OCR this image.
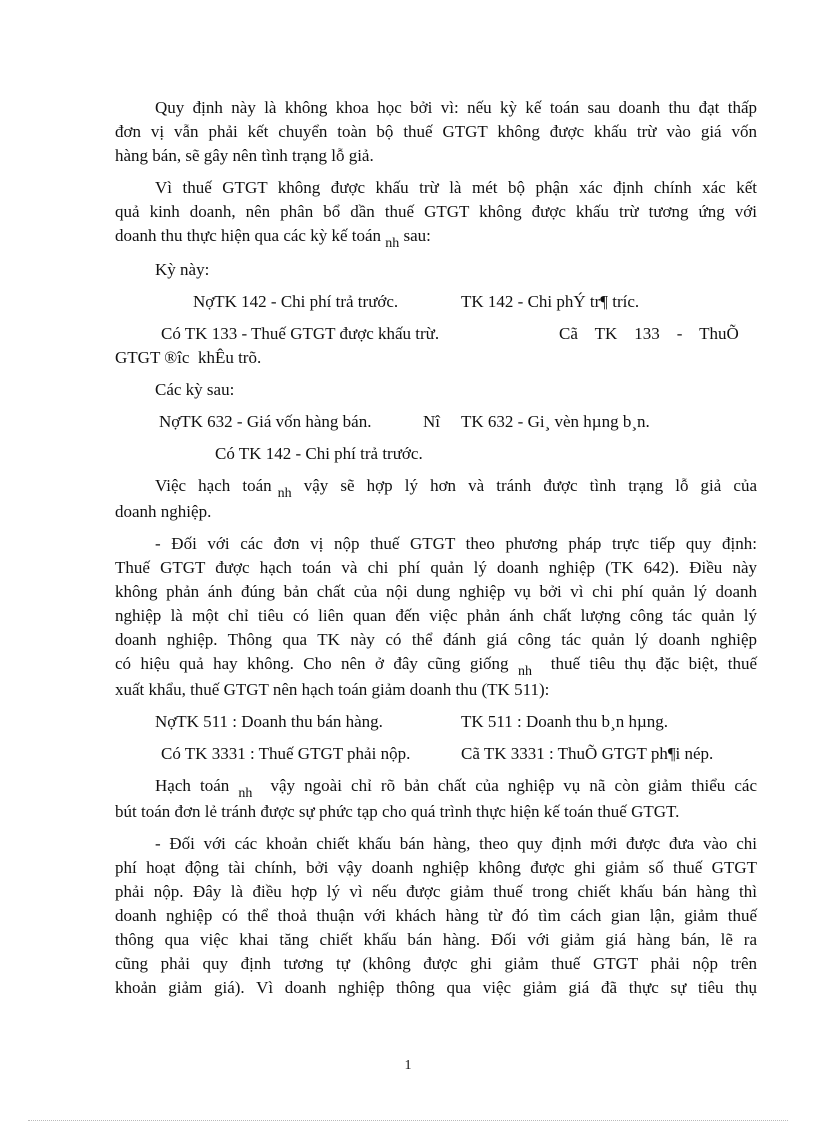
Quy định này là không khoa học bởi vì: nếu kỳ kế toán sau doanh thu đạt thấp
đơn vị vẫn phải kết chuyển toàn bộ thuế GTGT không được khấu trừ vào giá vốn
hàng bán, sẽ gây nên tình trạng lỗ giả.
Vì thuế GTGT không được khấu trừ là mét bộ phận xác định chính xác kết
quả kinh doanh, nên phân bổ dần thuế GTGT không được khấu trừ tương ứng với
doanh thu thực hiện qua các kỳ kế toán $_{nh}$ sau:
Kỳ này:
NợTK 142 - Chi phí trả trước.	TK 142 - Chi phÝ tr¶ tríc.
Có TK 133 - Thuế GTGT được khấu trừ.	Cã    TK    133    -    ThuÕ
GTGT ®îc  khÊu trõ.
Các kỳ sau:
NợTK 632 - Giá vốn hàng bán.	Nî TK 632 - Gi¸ vèn hµng b¸n.
Có TK 142 - Chi phí trả trước.
Việc  hạch  toán $_{nh}$  vậy  sẽ  hợp  lý  hơn  và  tránh  được  tình  trạng  lỗ  giả  của
doanh nghiệp.
- Đối với các đơn vị nộp thuế GTGT theo phương pháp trực tiếp quy định:
Thuế GTGT được hạch toán và chi phí quản lý doanh nghiệp (TK 642). Điều này
không phản ánh đúng bản chất của nội dung nghiệp vụ bởi vì chi phí quản lý doanh
nghiệp là một chỉ tiêu có liên quan đến việc phản ánh chất lượng công tác quản lý
doanh nghiệp. Thông qua TK này có thể đánh giá công tác quản lý doanh nghiệp
có hiệu quả hay không. Cho nên ở đây cũng giống $_{nh}$  thuế tiêu thụ đặc biệt, thuế
xuất khẩu, thuế GTGT nên hạch toán giảm doanh thu (TK 511):
NợTK 511 : Doanh thu bán hàng.	TK 511 : Doanh thu b¸n hµng.
Có TK 3331 : Thuế GTGT phải nộp.	Cã TK 3331 : ThuÕ GTGT ph¶i nép.
Hạch toán $_{nh}$  vậy ngoài chỉ rõ bản chất của nghiệp vụ nã còn giảm thiểu các
bút toán đơn lẻ tránh được sự phức tạp cho quá trình thực hiện kế toán thuế GTGT.
- Đối với các khoản chiết khấu bán hàng, theo quy định mới được đưa vào chi
phí hoạt động tài chính, bởi vậy doanh nghiệp không được ghi giảm số thuế GTGT
phải nộp. Đây là điều hợp lý vì nếu được giảm thuế trong chiết khấu bán hàng thì
doanh nghiệp có thể thoả thuận với khách hàng từ đó tìm cách gian lận, giảm thuế
thông qua việc khai tăng chiết khấu bán hàng. Đối với giảm giá hàng bán, lẽ ra
cũng phải quy định tương tự (không được ghi giảm thuế GTGT phải nộp trên
khoản giảm giá). Vì doanh nghiệp thông qua việc giảm giá đã thực sự tiêu thụ
1
